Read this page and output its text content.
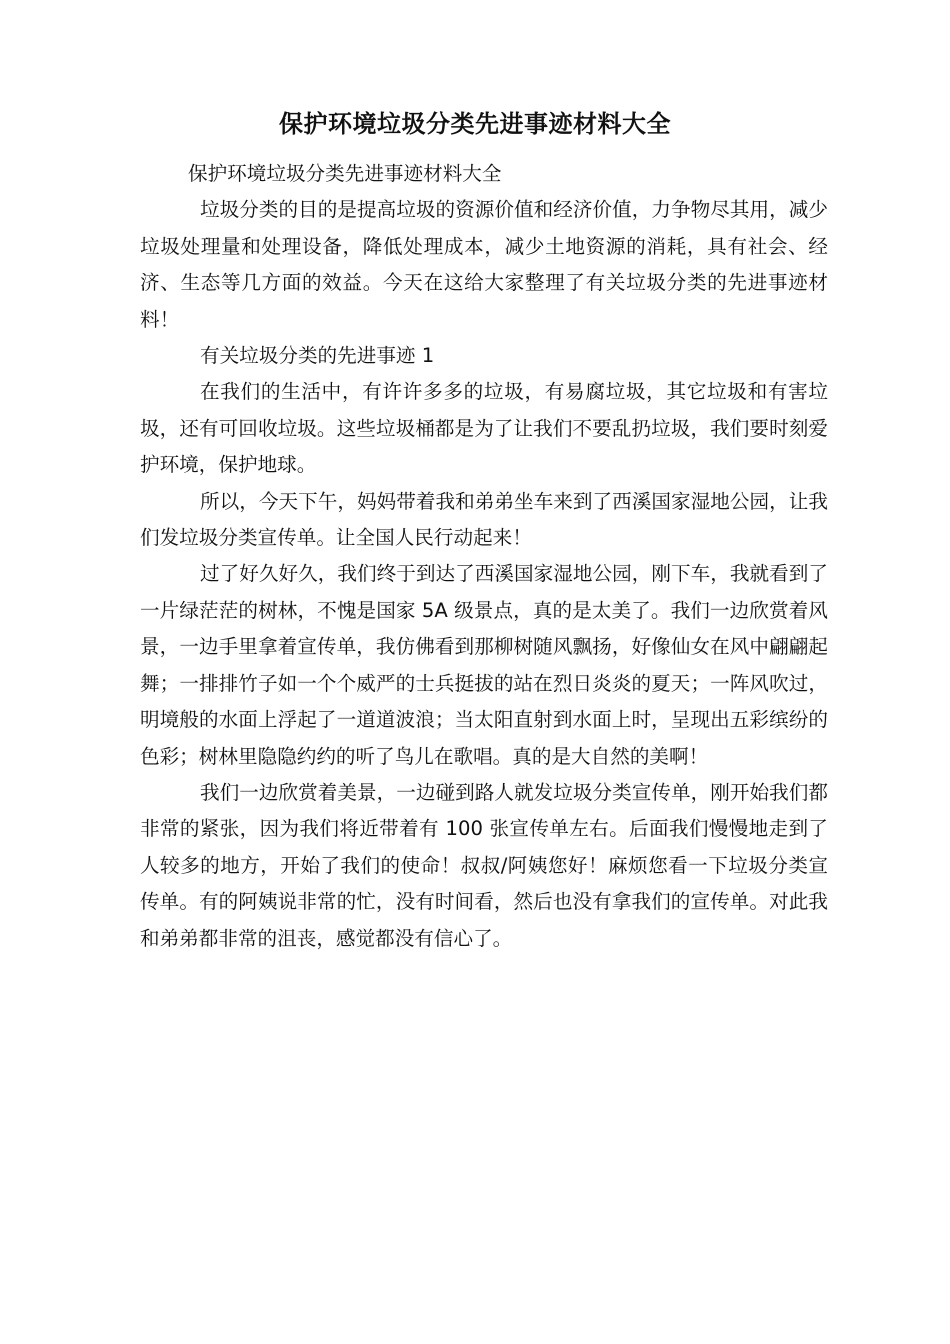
保护环境垃圾分类先进事迹材料大全

保护环境垃圾分类先进事迹材料大全

垃圾分类的目的是提高垃圾的资源价值和经济价值，力争物尽其用，减少垃圾处理量和处理设备，降低处理成本，减少土地资源的消耗，具有社会、经济、生态等几方面的效益。今天在这给大家整理了有关垃圾分类的先进事迹材料！

有关垃圾分类的先进事迹 1

在我们的生活中，有许许多多的垃圾，有易腐垃圾，其它垃圾和有害垃圾，还有可回收垃圾。这些垃圾桶都是为了让我们不要乱扔垃圾，我们要时刻爱护环境，保护地球。

所以，今天下午，妈妈带着我和弟弟坐车来到了西溪国家湿地公园，让我们发垃圾分类宣传单。让全国人民行动起来！

过了好久好久，我们终于到达了西溪国家湿地公园，刚下车，我就看到了一片绿茫茫的树林，不愧是国家 5A 级景点，真的是太美了。我们一边欣赏着风景，一边手里拿着宣传单，我仿佛看到那柳树随风飘扬，好像仙女在风中翩翩起舞；一排排竹子如一个个威严的士兵挺拔的站在烈日炎炎的夏天；一阵风吹过，明境般的水面上浮起了一道道波浪；当太阳直射到水面上时，呈现出五彩缤纷的色彩；树林里隐隐约约的听了鸟儿在歌唱。真的是大自然的美啊！

我们一边欣赏着美景，一边碰到路人就发垃圾分类宣传单，刚开始我们都非常的紧张，因为我们将近带着有 100 张宣传单左右。后面我们慢慢地走到了人较多的地方，开始了我们的使命！叔叔/阿姨您好！麻烦您看一下垃圾分类宣传单。有的阿姨说非常的忙，没有时间看，然后也没有拿我们的宣传单。对此我和弟弟都非常的沮丧，感觉都没有信心了。
